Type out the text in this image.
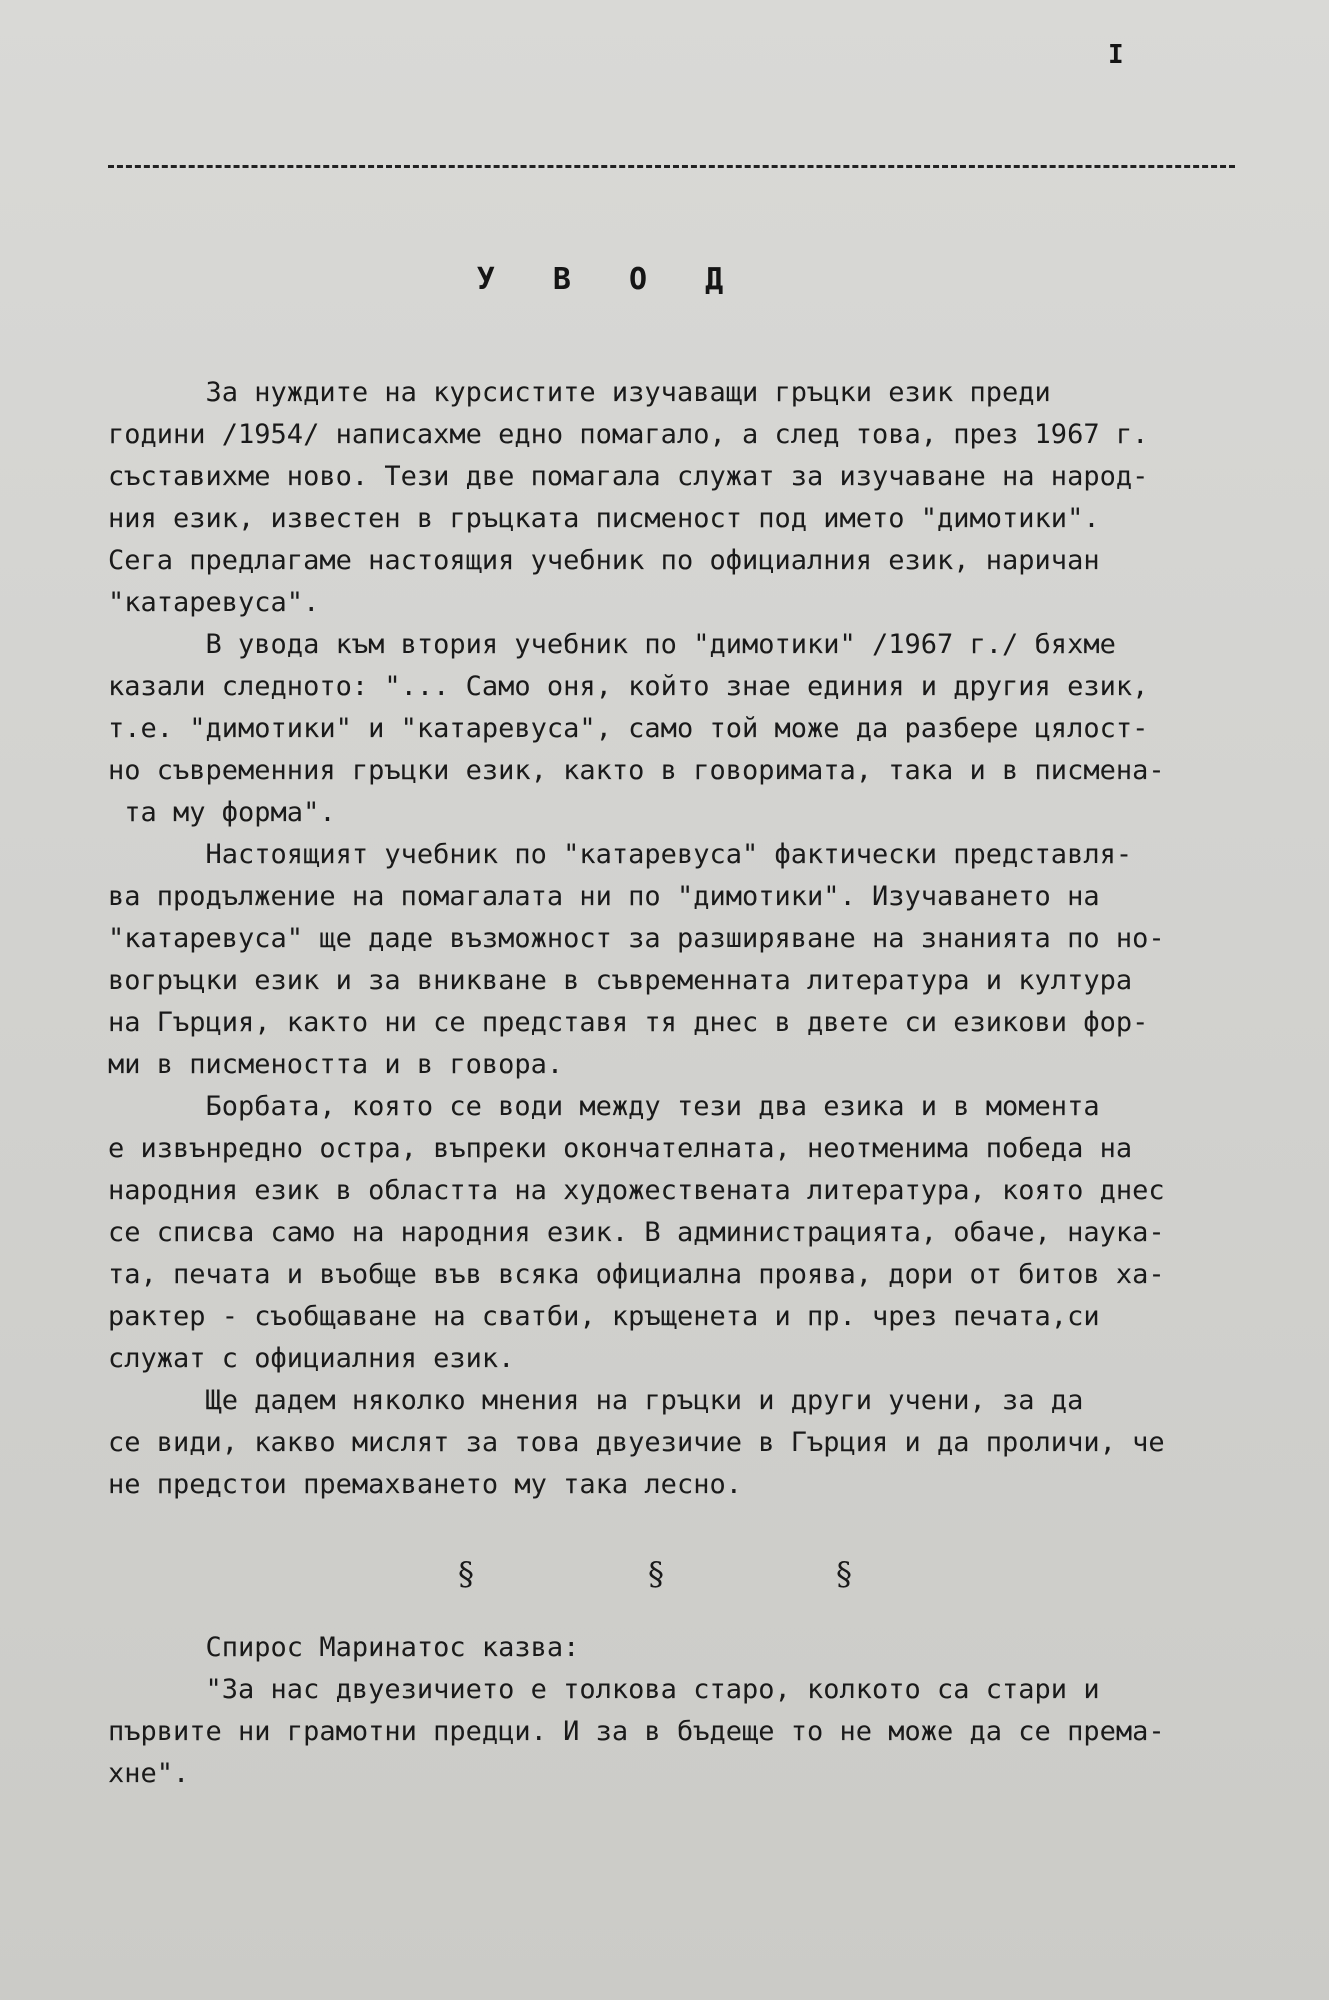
I
У В О Д
За нуждите на курсистите изучаващи гръцки език преди
години /1954/ написахме едно помагало, а след това, през 1967 г.
съставихме ново. Тези две помагала служат за изучаване на народ-
ния език, известен в гръцката писменост под името "димотики".
Сега предлагаме настоящия учебник по официалния език, наричан
"катаревуса".
В увода към втория учебник по "димотики" /1967 г./ бяхме
казали следното: "... Само оня, който знае единия и другия език,
т.е. "димотики" и "катаревуса", само той може да разбере цялост-
но съвременния гръцки език, както в говоримата, така и в писмена-
та му форма".
Настоящият учебник по "катаревуса" фактически представля-
ва продължение на помагалата ни по "димотики". Изучаването на
"катаревуса" ще даде възможност за разширяване на знанията по но-
вогръцки език и за вникване в съвременната литература и култура
на Гърция, както ни се представя тя днес в двете си езикови фор-
ми в писмеността и в говора.
Борбата, която се води между тези два езика и в момента
е извънредно остра, въпреки окончателната, неотменима победа на
народния език в областта на художествената литература, която днес
се списва само на народния език. В администрацията, обаче, наука-
та, печата и въобще във всяка официална проява, дори от битов ха-
рактер - съобщаване на сватби, кръщенета и пр. чрез печата,си
служат с официалния език.
Ще дадем няколко мнения на гръцки и други учени, за да
се види, какво мислят за това двуезичие в Гърция и да проличи, че
не предстои премахването му така лесно.
§	§	§
Спирос Маринатос казва:
"За нас двуезичието е толкова старо, колкото са стари и
първите ни грамотни предци. И за в бъдеще то не може да се према-
хне".
